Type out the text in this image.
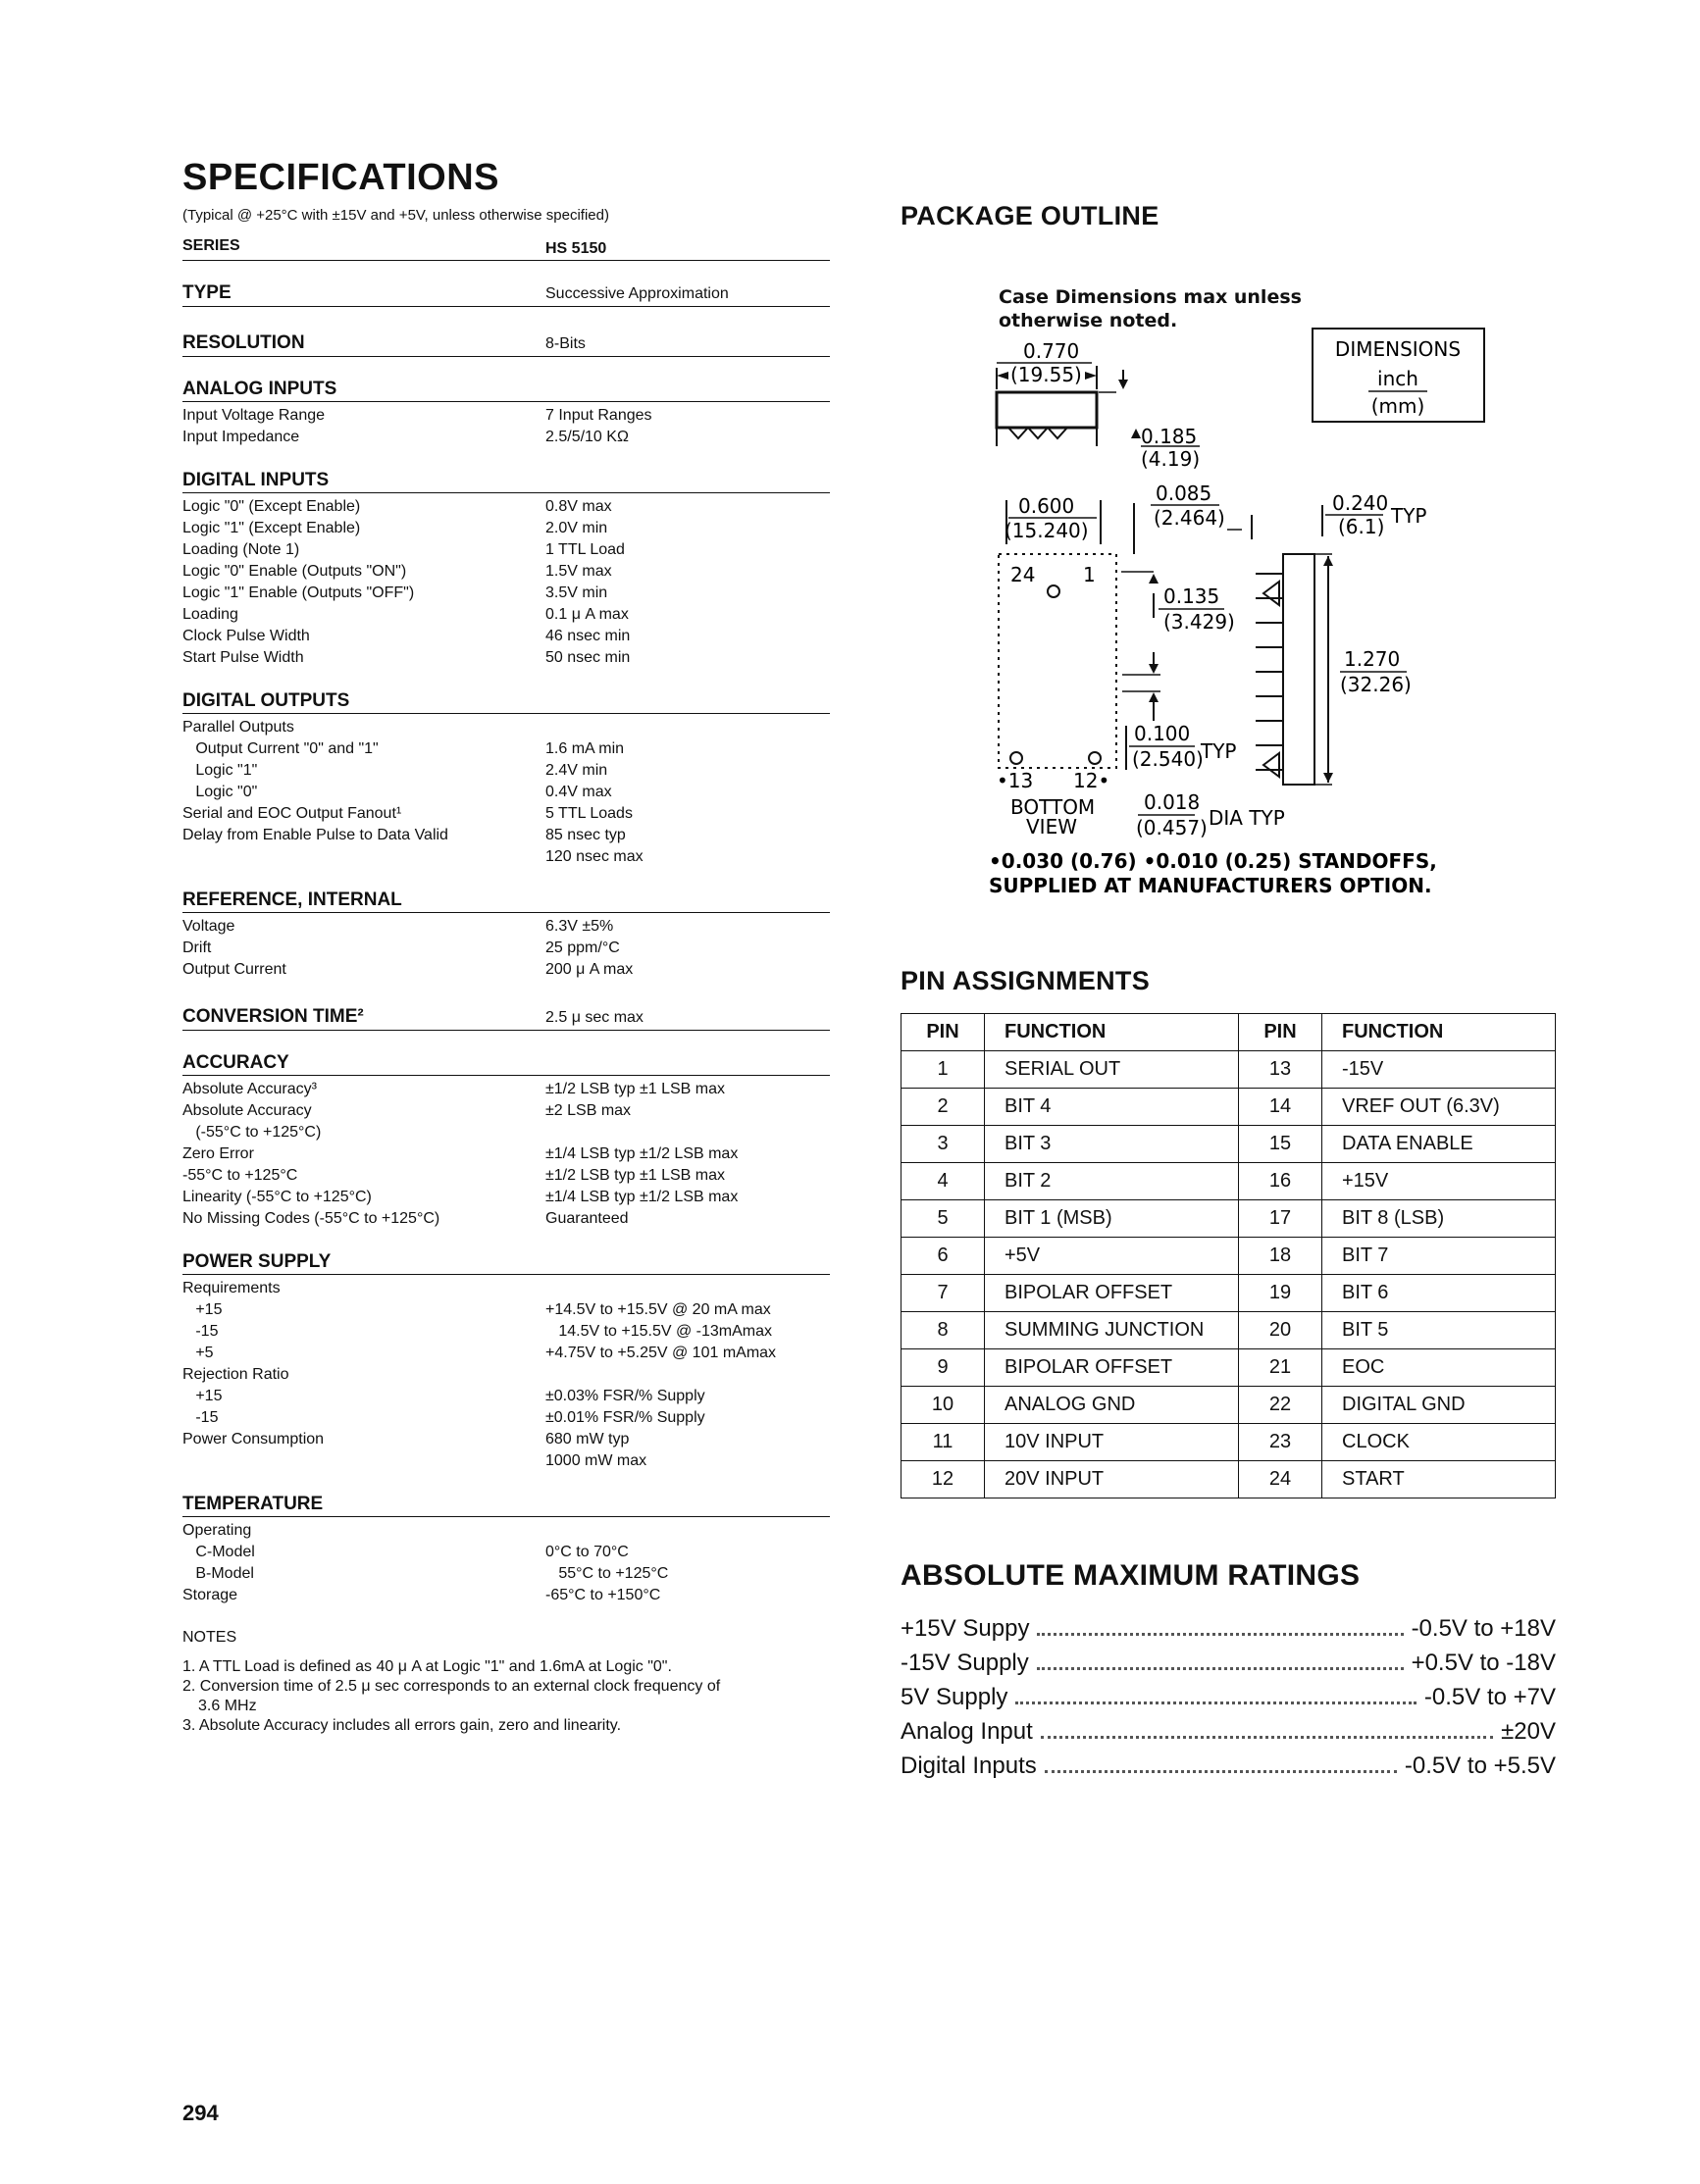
SPECIFICATIONS
(Typical @ +25°C with ±15V and +5V, unless otherwise specified)
SERIES	HS 5150
TYPE	Successive Approximation
RESOLUTION	8-Bits
ANALOG INPUTS
Input Voltage Range	7 Input Ranges
Input Impedance	2.5/5/10 KΩ
DIGITAL INPUTS
Logic "0" (Except Enable)	0.8V max
Logic "1" (Except Enable)	2.0V min
Loading (Note 1)	1 TTL Load
Logic "0" Enable (Outputs "ON")	1.5V max
Logic "1" Enable (Outputs "OFF")	3.5V min
Loading	0.1 μ A max
Clock Pulse Width	46 nsec min
Start Pulse Width	50 nsec min
DIGITAL OUTPUTS
Parallel Outputs
Output Current "0" and "1"	1.6 mA min
Logic "1"	2.4V min
Logic "0"	0.4V max
Serial and EOC Output Fanout¹	5 TTL Loads
Delay from Enable Pulse to Data Valid	85 nsec typ
120 nsec max
REFERENCE, INTERNAL
Voltage	6.3V ±5%
Drift	25 ppm/°C
Output Current	200 μ A max
CONVERSION TIME²	2.5 μ sec max
ACCURACY
Absolute Accuracy³	±1/2 LSB typ ±1 LSB max
Absolute Accuracy	±2 LSB max
(-55°C to +125°C)
Zero Error	±1/4 LSB typ ±1/2 LSB max
-55°C to +125°C	±1/2 LSB typ ±1 LSB max
Linearity (-55°C to +125°C)	±1/4 LSB typ ±1/2 LSB max
No Missing Codes (-55°C to +125°C)	Guaranteed
POWER SUPPLY
Requirements
+15	+14.5V to +15.5V @ 20 mA max
-15	14.5V to +15.5V @ -13mAmax
+5	+4.75V to +5.25V @ 101 mAmax
Rejection Ratio
+15	±0.03% FSR/% Supply
-15	±0.01% FSR/% Supply
Power Consumption	680 mW typ
1000 mW max
TEMPERATURE
Operating
C-Model	0°C to 70°C
B-Model	55°C to +125°C
Storage	-65°C to +150°C
NOTES
1. A TTL Load is defined as 40 μ A at Logic "1" and 1.6mA at Logic "0".
2. Conversion time of 2.5 μ sec corresponds to an external clock frequency of
3.6 MHz
3. Absolute Accuracy includes all errors gain, zero and linearity.
294
PACKAGE OUTLINE
Case Dimensions max unless
otherwise noted.
DIMENSIONS
inch
(mm)
0.770
(19.55)
0.185
(4.19)
0.600
(15.240)
0.085
(2.464)
0.240
(6.1) TYP
24 1
•13 12•
0.135
(3.429)
0.100
(2.540)
TYP
1.270
(32.26)
BOTTOM
VIEW
0.018
(0.457) DIA TYP
•0.030 (0.76) •0.010 (0.25) STANDOFFS,
SUPPLIED AT MANUFACTURERS OPTION.
PIN ASSIGNMENTS
PIN	FUNCTION	PIN	FUNCTION
1	SERIAL OUT	13	-15V
2	BIT 4	14	VREF OUT (6.3V)
3	BIT 3	15	DATA ENABLE
4	BIT 2	16	+15V
5	BIT 1 (MSB)	17	BIT 8 (LSB)
6	+5V	18	BIT 7
7	BIPOLAR OFFSET	19	BIT 6
8	SUMMING JUNCTION	20	BIT 5
9	BIPOLAR OFFSET	21	EOC
10	ANALOG GND	22	DIGITAL GND
11	10V INPUT	23	CLOCK
12	20V INPUT	24	START
ABSOLUTE MAXIMUM RATINGS
+15V Suppy	-0.5V to +18V
-15V Supply	+0.5V to -18V
5V Supply	-0.5V to +7V
Analog Input	±20V
Digital Inputs	-0.5V to +5.5V
